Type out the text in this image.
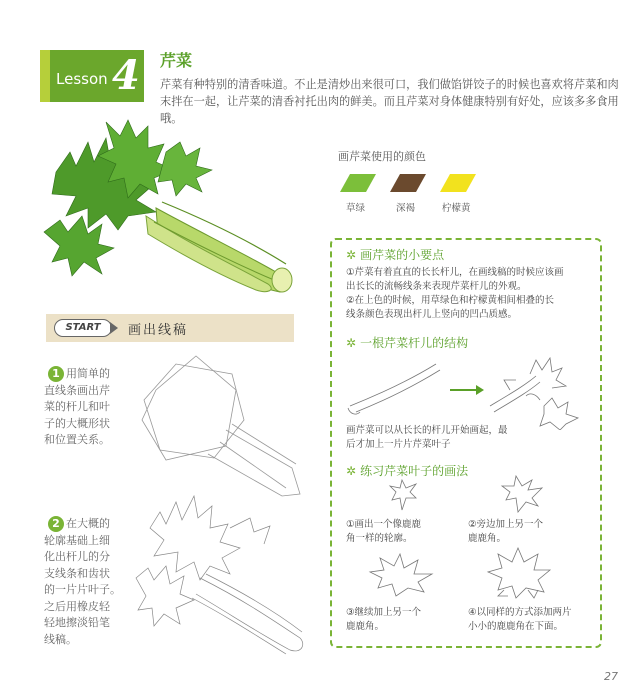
Lesson 4 芹菜
芹菜有种特别的清香味道。不止是清炒出来很可口，我们做馅饼饺子的时候也喜欢将芹菜和肉末拌在一起，让芹菜的清香衬托出肉的鲜美。而且芹菜对身体健康特别有好处，应该多多食用哦。
画芹菜使用的颜色
草绿	深褐	柠檬黄
START	画出线稿
1 用简单的
直线条画出芹
菜的杆儿和叶
子的大概形状
和位置关系。
2 在大概的
轮廓基础上细
化出杆儿的分
支线条和齿状
的一片片叶子。
之后用橡皮轻
轻地擦淡铅笔
线稿。
✲ 画芹菜的小要点
①芹菜有着直直的长长杆儿，在画线稿的时候应该画
出长长的流畅线条来表现芹菜杆儿的外观。
②在上色的时候，用草绿色和柠檬黄相间相叠的长
线条颜色表现出杆儿上竖向的凹凸质感。
✲ 一根芹菜杆儿的结构
画芹菜可以从长长的杆儿开始画起，最
后才加上一片片芹菜叶子
✲ 练习芹菜叶子的画法
①画出一个像鹿鹿
角一样的轮廓。
②旁边加上另一个
鹿鹿角。
③继续加上另一个
鹿鹿角。
④以同样的方式添加两片
小小的鹿鹿角在下面。
27
